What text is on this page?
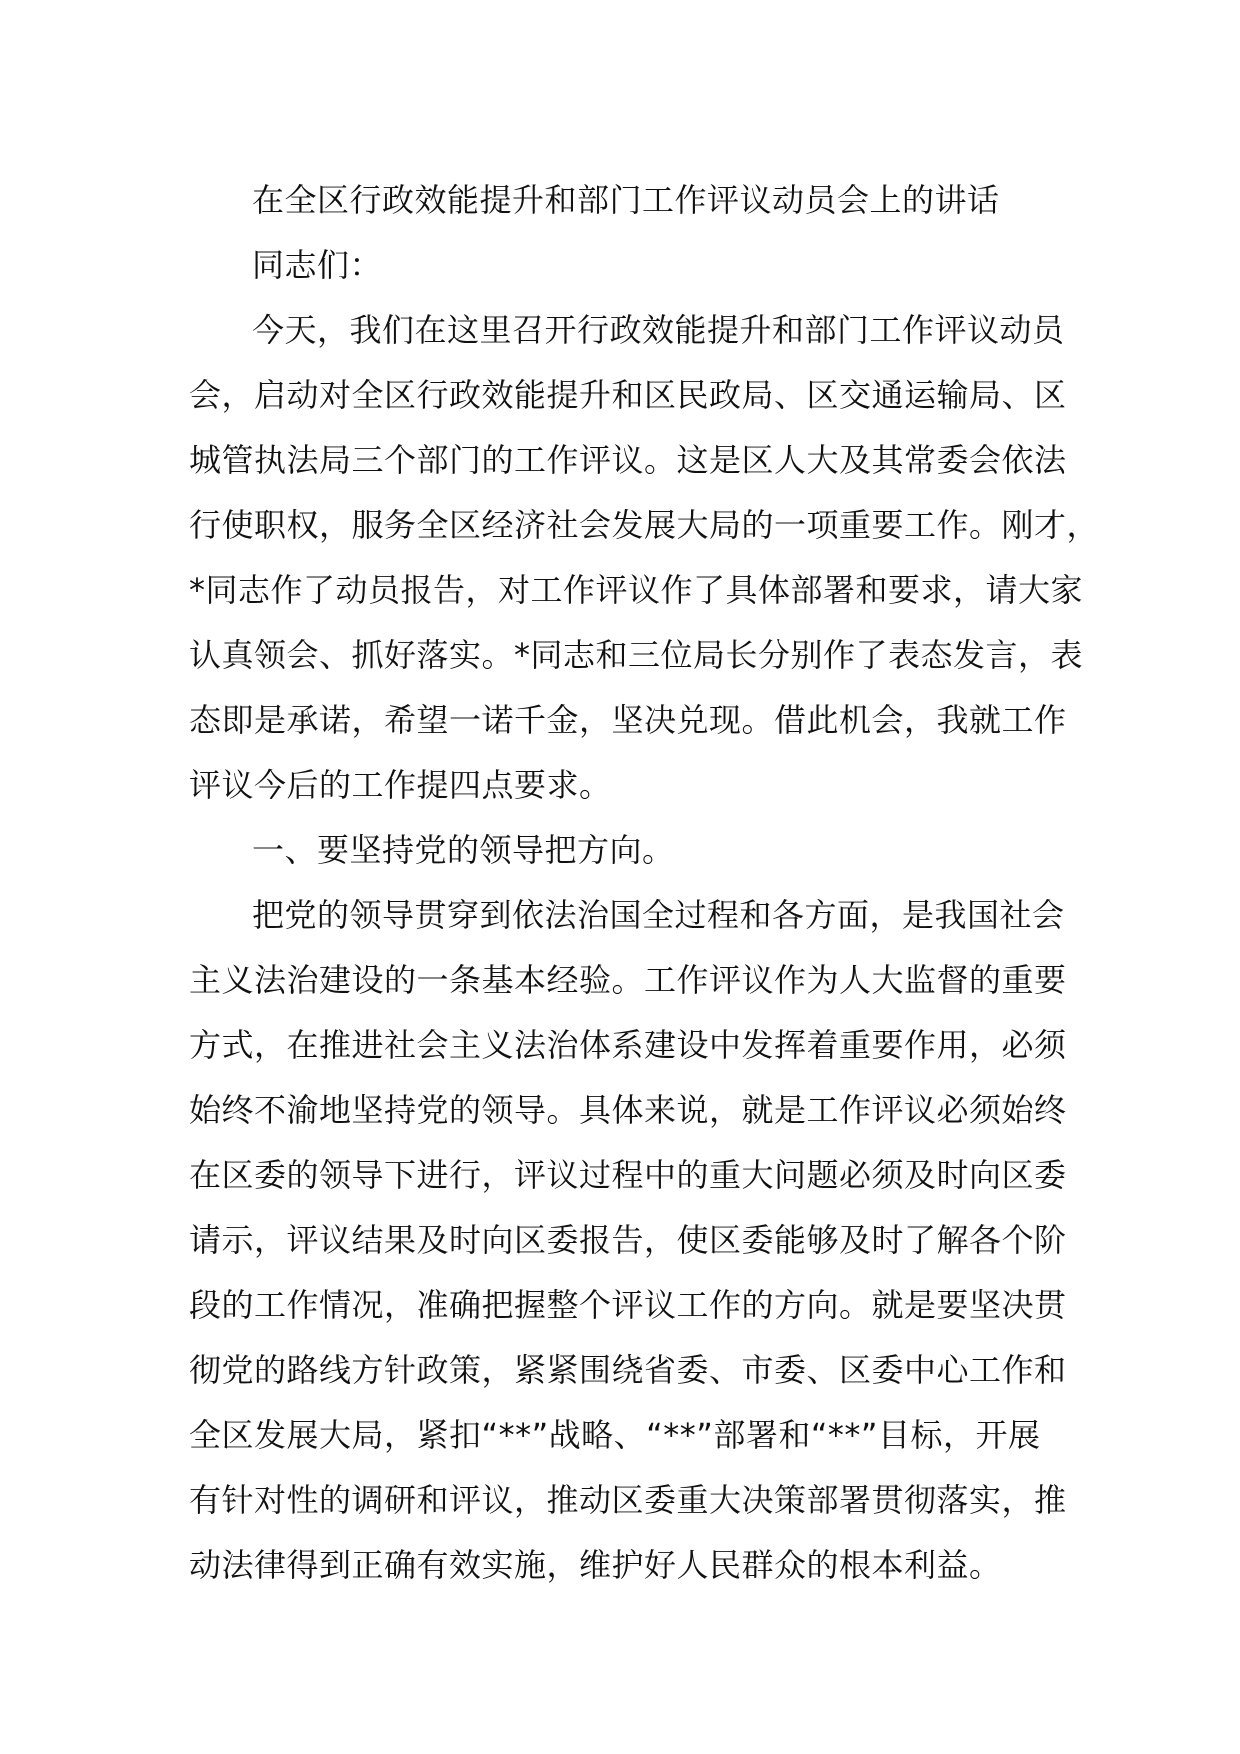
在全区行政效能提升和部门工作评议动员会上的讲话
同志们：
今天，我们在这里召开行政效能提升和部门工作评议动员
会，启动对全区行政效能提升和区民政局、区交通运输局、区
城管执法局三个部门的工作评议。这是区人大及其常委会依法
行使职权，服务全区经济社会发展大局的一项重要工作。刚才，
*同志作了动员报告，对工作评议作了具体部署和要求，请大家
认真领会、抓好落实。*同志和三位局长分别作了表态发言，表
态即是承诺，希望一诺千金，坚决兑现。借此机会，我就工作
评议今后的工作提四点要求。
一、要坚持党的领导把方向。
把党的领导贯穿到依法治国全过程和各方面，是我国社会
主义法治建设的一条基本经验。工作评议作为人大监督的重要
方式，在推进社会主义法治体系建设中发挥着重要作用，必须
始终不渝地坚持党的领导。具体来说，就是工作评议必须始终
在区委的领导下进行，评议过程中的重大问题必须及时向区委
请示，评议结果及时向区委报告，使区委能够及时了解各个阶
段的工作情况，准确把握整个评议工作的方向。就是要坚决贯
彻党的路线方针政策，紧紧围绕省委、市委、区委中心工作和
全区发展大局，紧扣“**”战略、“**”部署和“**”目标，开展
有针对性的调研和评议，推动区委重大决策部署贯彻落实，推
动法律得到正确有效实施，维护好人民群众的根本利益。
